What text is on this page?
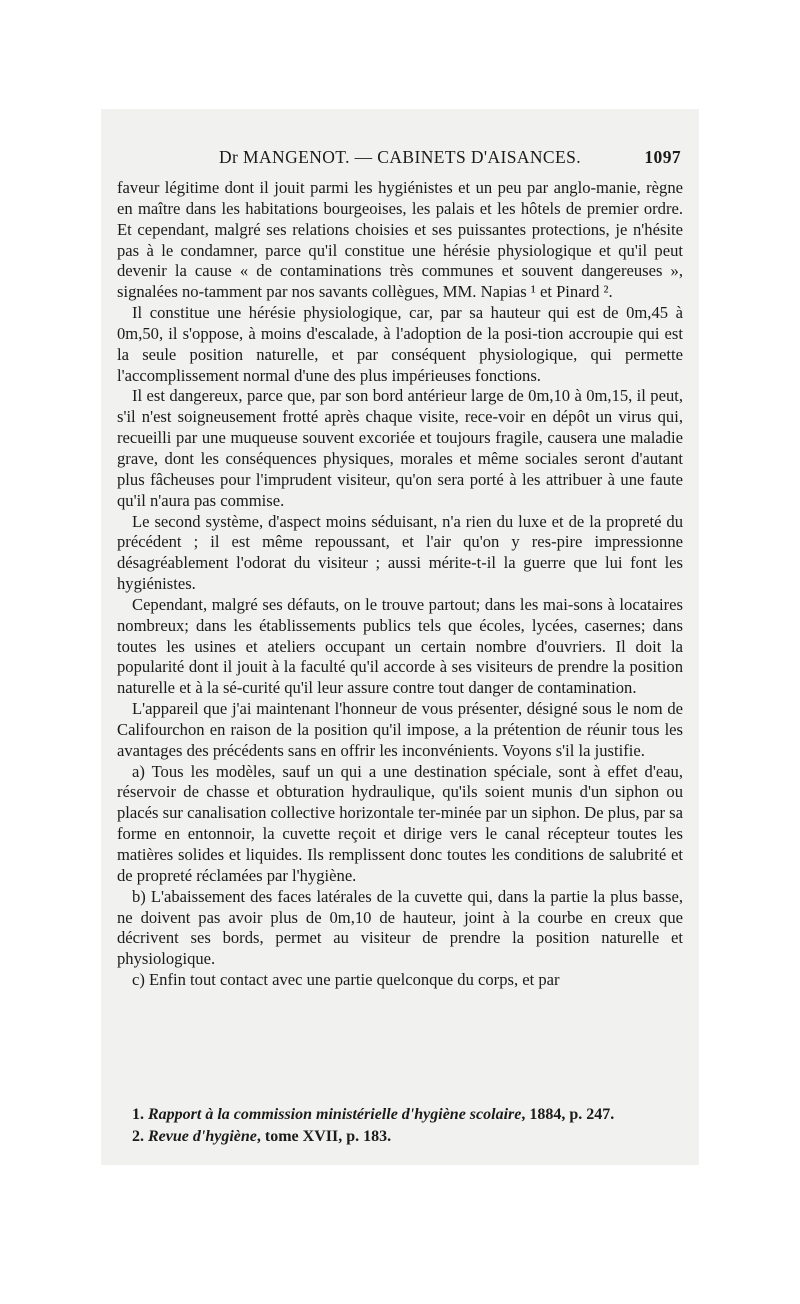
Dr MANGENOT. — CABINETS D'AISANCES.	1097

faveur légitime dont il jouit parmi les hygiénistes et un peu par anglo-manie, règne en maître dans les habitations bourgeoises, les palais et les hôtels de premier ordre. Et cependant, malgré ses relations choisies et ses puissantes protections, je n'hésite pas à le condamner, parce qu'il constitue une hérésie physiologique et qu'il peut devenir la cause « de contaminations très communes et souvent dangereuses », signalées no-tamment par nos savants collègues, MM. Napias ¹ et Pinard ².

Il constitue une hérésie physiologique, car, par sa hauteur qui est de 0m,45 à 0m,50, il s'oppose, à moins d'escalade, à l'adoption de la posi-tion accroupie qui est la seule position naturelle, et par conséquent physiologique, qui permette l'accomplissement normal d'une des plus impérieuses fonctions.

Il est dangereux, parce que, par son bord antérieur large de 0m,10 à 0m,15, il peut, s'il n'est soigneusement frotté après chaque visite, rece-voir en dépôt un virus qui, recueilli par une muqueuse souvent excoriée et toujours fragile, causera une maladie grave, dont les conséquences physiques, morales et même sociales seront d'autant plus fâcheuses pour l'imprudent visiteur, qu'on sera porté à les attribuer à une faute qu'il n'aura pas commise.

Le second système, d'aspect moins séduisant, n'a rien du luxe et de la propreté du précédent ; il est même repoussant, et l'air qu'on y res-pire impressionne désagréablement l'odorat du visiteur ; aussi mérite-t-il la guerre que lui font les hygiénistes.

Cependant, malgré ses défauts, on le trouve partout; dans les mai-sons à locataires nombreux; dans les établissements publics tels que écoles, lycées, casernes; dans toutes les usines et ateliers occupant un certain nombre d'ouvriers. Il doit la popularité dont il jouit à la faculté qu'il accorde à ses visiteurs de prendre la position naturelle et à la sé-curité qu'il leur assure contre tout danger de contamination.

L'appareil que j'ai maintenant l'honneur de vous présenter, désigné sous le nom de Califourchon en raison de la position qu'il impose, a la prétention de réunir tous les avantages des précédents sans en offrir les inconvénients. Voyons s'il la justifie.

a) Tous les modèles, sauf un qui a une destination spéciale, sont à effet d'eau, réservoir de chasse et obturation hydraulique, qu'ils soient munis d'un siphon ou placés sur canalisation collective horizontale ter-minée par un siphon. De plus, par sa forme en entonnoir, la cuvette reçoit et dirige vers le canal récepteur toutes les matières solides et liquides. Ils remplissent donc toutes les conditions de salubrité et de propreté réclamées par l'hygiène.

b) L'abaissement des faces latérales de la cuvette qui, dans la partie la plus basse, ne doivent pas avoir plus de 0m,10 de hauteur, joint à la courbe en creux que décrivent ses bords, permet au visiteur de prendre la position naturelle et physiologique.

c) Enfin tout contact avec une partie quelconque du corps, et par

1. Rapport à la commission ministérielle d'hygiène scolaire, 1884, p. 247.
2. Revue d'hygiène, tome XVII, p. 183.
